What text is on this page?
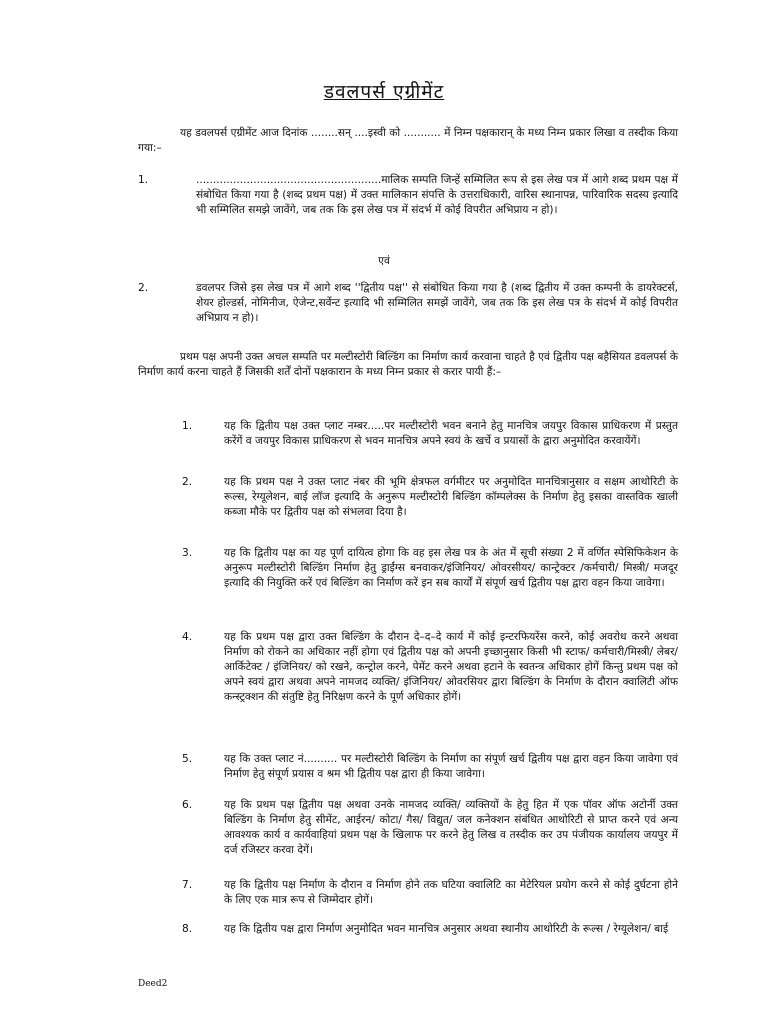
डवलपर्स एग्रीमेंट
यह डवलपर्स एग्रीमेंट आज दिनांक ........सन् ....इस्वी को ........... में निम्न पक्षकारान् के मध्य निम्न प्रकार लिखा व तस्दीक किया गया:–
1.	.......................................................मालिक सम्पति जिन्हें सम्मिलित रूप से इस लेख पत्र में आगे शब्द प्रथम पक्ष में संबोधित किया गया है (शब्द प्रथम पक्ष) में उक्त मालिकान संपत्ति के उत्तराधिकारी, वारिस स्थानापन्न, पारिवारिक सदस्य इत्यादि भी सम्मिलित समझे जावेंगे, जब तक कि इस लेख पत्र में संदर्भ में कोई विपरीत अभिप्राय न हो)।
एवं
2.	डवलपर जिसे इस लेख पत्र में आगे शब्द ''द्वितीय पक्ष'' से संबोधित किया गया है (शब्द द्वितीय में उक्त कम्पनी के डायरेक्टर्स, शेयर होल्डर्स, नोमिनीज, ऐजेन्ट,सर्वेन्ट इत्यादि भी सम्मिलित समझें जावेंगे, जब तक कि इस लेख पत्र के संदर्भ में कोई विपरीत अभिप्राय न हो)।
प्रथम पक्ष अपनी उक्त अचल सम्पति पर मल्टीस्टोरी बिल्डिंग का निर्माण कार्य करवाना चाहते है एवं द्वितीय पक्ष बहैसियत डवलपर्स के निर्माण कार्य करना चाहते हैं जिसकी शर्तें दोनों पक्षकारान के मध्य निम्न प्रकार से करार पायी हैं:–
1.	यह कि द्वितीय पक्ष उक्त प्लाट नम्बर.....पर मल्टीस्टोरी भवन बनाने हेतु मानचित्र जयपुर विकास प्राधिकरण में प्रस्तुत करेंगें व जयपुर विकास प्राधिकरण से भवन मानचित्र अपने स्वयं के खर्चे व प्रयासों के द्वारा अनुमोदित करवायेंगें।
2.	यह कि प्रथम पक्ष ने उक्त प्लाट नंबर की भूमि क्षेत्रफल वर्गमीटर पर अनुमोदित मानचित्रानुसार व सक्षम आथोरिटी के रूल्स, रेग्यूलेशन, बाई लॉज इत्यादि के अनुरूप मल्टीस्टोरी बिल्डिंग कॉम्पलेक्स के निर्माण हेतु इसका वास्तविक खाली कब्जा मौके पर द्वितीय पक्ष को संभलवा दिया है।
3.	यह कि द्वितीय पक्ष का यह पूर्ण दायित्व होगा कि वह इस लेख पत्र के अंत में सूची संख्या 2 में वर्णित स्पेसिफिकेशन के अनुरूप मल्टीस्टोरी बिल्डिंग निर्माण हेतु ड्राईंग्स बनवाकर/इंजिनियर/ ओवरसीयर/ कान्ट्रेक्टर /कर्मचारी/ मिस्त्री/ मजदूर इत्यादि की नियुक्ति करें एवं बिल्डिंग का निर्माण करें इन सब कार्यों में संपूर्ण खर्च द्वितीय पक्ष द्वारा वहन किया जावेगा।
4.	यह कि प्रथम पक्ष द्वारा उक्त बिल्डिंग के दौरान दे–द–दे कार्य में कोई इन्टरफियरेंस करने, कोई अवरोध करने अथवा निर्माण को रोकने का अधिकार नहीं होगा एवं द्वितीय पक्ष को अपनी इच्छानुसार किसी भी स्टाफ/ कर्मचारी/मिस्त्री/ लेबर/ आर्किटेक्ट / इंजिनियर/ को रखने, कन्ट्रोल करने, पेमेंट करने अथवा हटाने के स्वतन्त्र अधिकार होगें किन्तु प्रथम पक्ष को अपने स्वयं द्वारा अथवा अपने नामजद व्यक्ति/ इंजिनियर/ ओवरसियर द्वारा बिल्डिंग के निर्माण के दौरान क्वालिटी ऑफ कन्स्ट्रक्शन की संतुष्टि हेतु निरिक्षण करने के पूर्ण अधिकार होगें।
5.	यह कि उक्त प्लाट नं.......... पर मल्टीस्टोरी बिल्डिंग के निर्माण का संपूर्ण खर्च द्वितीय पक्ष द्वारा वहन किया जावेगा एवं निर्माण हेतु संपूर्ण प्रयास व श्रम भी द्वितीय पक्ष द्वारा ही किया जावेगा।
6.	यह कि प्रथम पक्ष द्वितीय पक्ष अथवा उनके नामजद व्यक्ति/ व्यक्तियों के हेतु हित में एक पॉवर ऑफ अटोर्नी उक्त बिल्डिंग के निर्माण हेतु सीमेंट, आईरन/ कोटा/ गैस/ विद्युत/ जल कनेक्शन संबंधित आथोरिटी से प्राप्त करने एवं अन्य आवश्यक कार्य व कार्यवाहियां प्रथम पक्ष के खिलाफ पर करने हेतु लिख व तस्दीक कर उप पंजीयक कार्यालय जयपुर में दर्ज रजिस्टर करवा देगें।
7.	यह कि द्वितीय पक्ष निर्माण के दौरान व निर्माण होने तक घटिया क्वालिटि का मेटेरियल प्रयोग करने से कोई दुर्घटना होने के लिए एक मात्र रूप से जिम्मेदार होगें।
8.	यह कि द्वितीय पक्ष द्वारा निर्माण अनुमोदित भवन मानचित्र अनुसार अथवा स्थानीय आथोरिटी के रूल्स / रेग्यूलेशन/ बाई
Deed2
